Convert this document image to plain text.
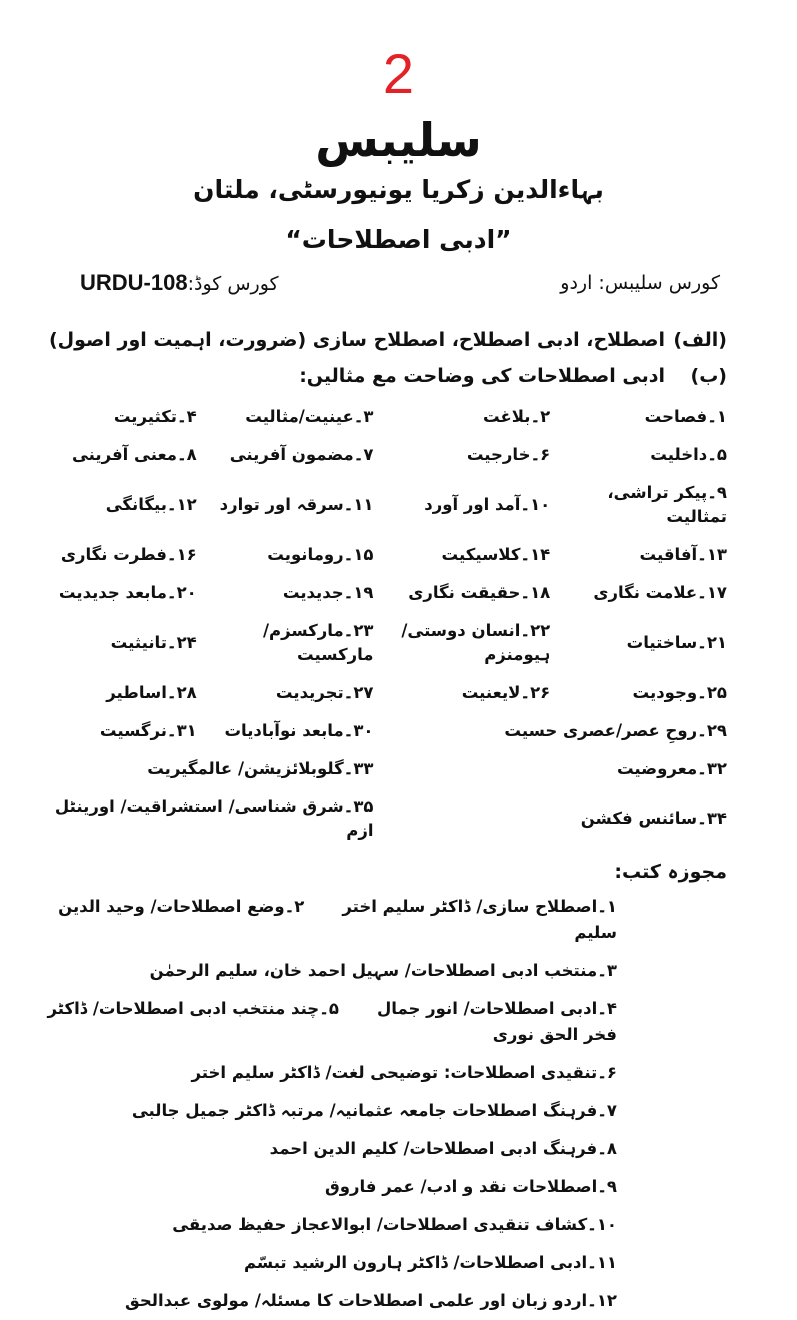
2
سلیبس
بہاءالدین زکریا یونیورسٹی، ملتان
”ادبی اصطلاحات“
کورس کوڈ:URDU-108	کورس سلیبس: اردو
(الف)
اصطلاح، ادبی اصطلاح، اصطلاح سازی (ضرورت، اہمیت اور اصول)
(ب)
ادبی اصطلاحات کی وضاحت مع مثالیں:
۱۔فصاحت
۲۔بلاغت
۳۔عینیت/مثالیت
۴۔تکثیریت
۵۔داخلیت
۶۔خارجیت
۷۔مضمون آفرینی
۸۔معنی آفرینی
۹۔پیکر تراشی، تمثالیت
۱۰۔آمد اور آورد
۱۱۔سرقہ اور توارد
۱۲۔بیگانگی
۱۳۔آفاقیت
۱۴۔کلاسیکیت
۱۵۔رومانویت
۱۶۔فطرت نگاری
۱۷۔علامت نگاری
۱۸۔حقیقت نگاری
۱۹۔جدیدیت
۲۰۔مابعد جدیدیت
۲۱۔ساختیات
۲۲۔انسان دوستی/ ہیومنزم
۲۳۔مارکسزم/ مارکسیت
۲۴۔تانیثیت
۲۵۔وجودیت
۲۶۔لایعنیت
۲۷۔تجریدیت
۲۸۔اساطیر
۲۹۔روحِ عصر/عصری حسیت
۳۰۔مابعد نوآبادیات
۳۱۔نرگسیت
۳۲۔معروضیت
۳۳۔گلوبلائزیشن/ عالمگیریت
۳۴۔سائنس فکشن
۳۵۔شرق شناسی/ استشراقیت/ اورینٹل ازم
مجوزہ کتب:
۱۔اصطلاح سازی/ ڈاکٹر سلیم اختر۲۔وضع اصطلاحات/ وحید الدین سلیم
۳۔منتخب ادبی اصطلاحات/ سہیل احمد خان، سلیم الرحمٰن
۴۔ادبی اصطلاحات/ انور جمال۵۔چند منتخب ادبی اصطلاحات/ ڈاکٹر فخر الحق نوری
۶۔تنقیدی اصطلاحات: توضیحی لغت/ ڈاکٹر سلیم اختر
۷۔فرہنگ اصطلاحات جامعہ عثمانیہ/ مرتبہ ڈاکٹر جمیل جالبی
۸۔فرہنگ ادبی اصطلاحات/ کلیم الدین احمد
۹۔اصطلاحات نقد و ادب/ عمر فاروق
۱۰۔کشاف تنقیدی اصطلاحات/ ابوالاعجاز حفیظ صدیقی
۱۱۔ادبی اصطلاحات/ ڈاکٹر ہارون الرشید تبسّم
۱۲۔اردو زبان اور علمی اصطلاحات کا مسئلہ/ مولوی عبدالحق
